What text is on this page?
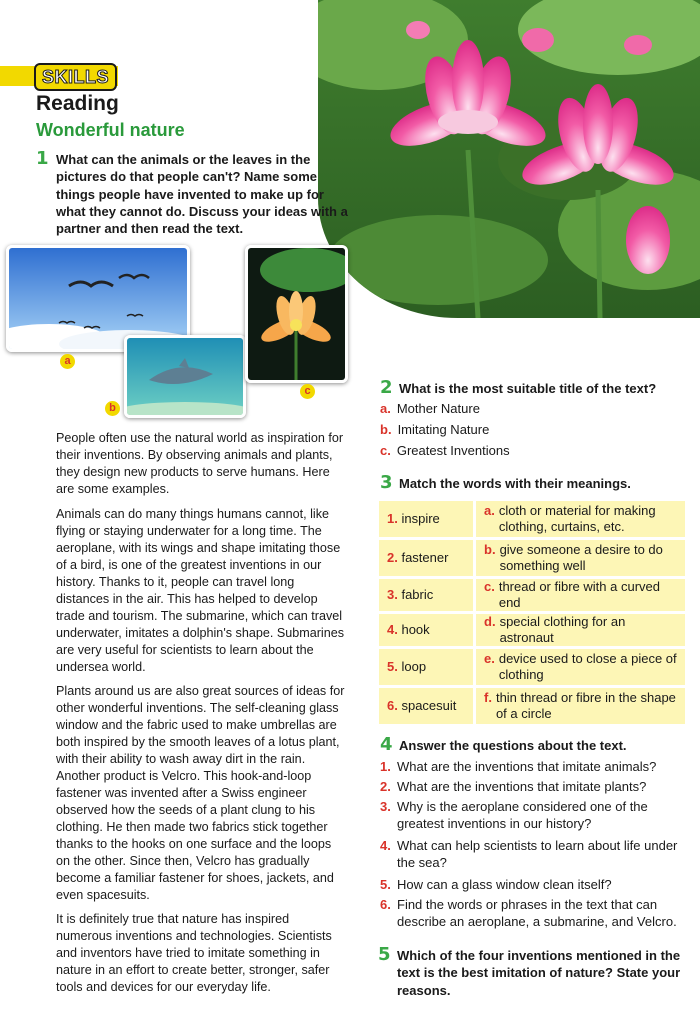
SKILLS
Reading
Wonderful nature
1 What can the animals or the leaves in the pictures do that people can't? Name some things people have invented to make up for what they cannot do. Discuss your ideas with a partner and then read the text.
a
b
c
People often use the natural world as inspiration for their inventions. By observing animals and plants, they design new products to serve humans. Here are some examples.
Animals can do many things humans cannot, like flying or staying underwater for a long time. The aeroplane, with its wings and shape imitating those of a bird, is one of the greatest inventions in our history. Thanks to it, people can travel long distances in the air. This has helped to develop trade and tourism. The submarine, which can travel underwater, imitates a dolphin's shape. Submarines are very useful for scientists to learn about the undersea world.
Plants around us are also great sources of ideas for other wonderful inventions. The self-cleaning glass window and the fabric used to make umbrellas are both inspired by the smooth leaves of a lotus plant, with their ability to wash away dirt in the rain. Another product is Velcro. This hook-and-loop fastener was invented after a Swiss engineer observed how the seeds of a plant clung to his clothing. He then made two fabrics stick together thanks to the hooks on one surface and the loops on the other. Since then, Velcro has gradually become a familiar fastener for shoes, jackets, and even spacesuits.
It is definitely true that nature has inspired numerous inventions and technologies. Scientists and inventors have tried to imitate something in nature in an effort to create better, stronger, safer tools and devices for our everyday life.
2 What is the most suitable title of the text?
a. Mother Nature
b. Imitating Nature
c. Greatest Inventions
3 Match the words with their meanings.
1. inspire	a. cloth or material for making clothing, curtains, etc.

2. fastener	b. give someone a desire to do something well

3. fabric	c. thread or fibre with a curved end

4. hook	d. special clothing for an astronaut

5. loop	e. device used to close a piece of clothing

6. spacesuit	f. thin thread or fibre in the shape of a circle
4 Answer the questions about the text.
1. What are the inventions that imitate animals?
2. What are the inventions that imitate plants?
3. Why is the aeroplane considered one of the greatest inventions in our history?
4. What can help scientists to learn about life under the sea?
5. How can a glass window clean itself?
6. Find the words or phrases in the text that can describe an aeroplane, a submarine, and Velcro.
5 Which of the four inventions mentioned in the text is the best imitation of nature? State your reasons.
